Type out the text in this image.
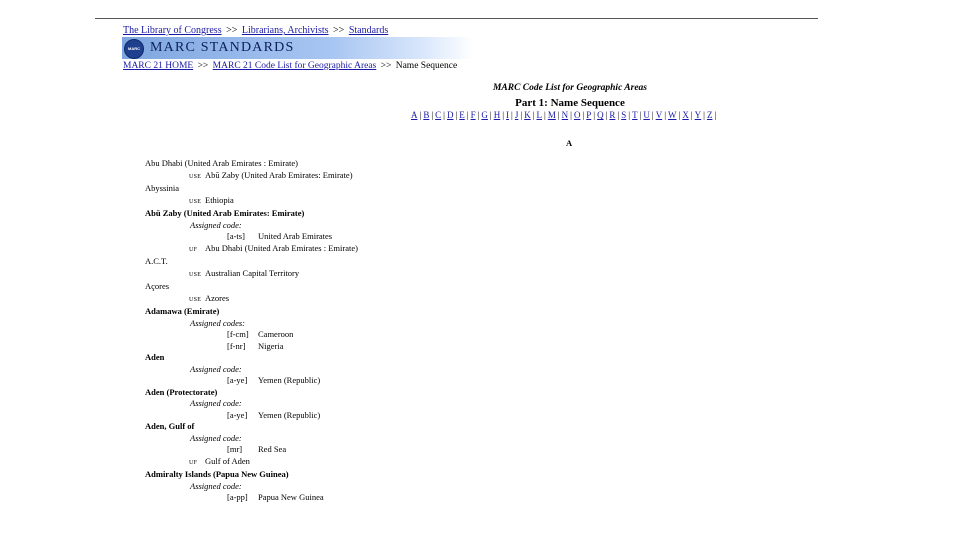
The Library of Congress >> Librarians, Archivists >> Standards
MARC MARC STANDARDS
MARC 21 HOME >> MARC 21 Code List for Geographic Areas >> Name Sequence
MARC Code List for Geographic Areas
Part 1: Name Sequence
A | B | C | D | E | F | G | H | I | J | K | L | M | N | O | P | Q | R | S | T | U | V | W | X | Y | Z |
A
Abu Dhabi (United Arab Emirates : Emirate)
USE Abū Zaby (United Arab Emirates: Emirate)
Abyssinia
USE Ethiopia
Abū Zaby (United Arab Emirates: Emirate)
Assigned code:
[a-ts] United Arab Emirates
UF Abu Dhabi (United Arab Emirates : Emirate)
A.C.T.
USE Australian Capital Territory
Açores
USE Azores
Adamawa (Emirate)
Assigned codes:
[f-cm] Cameroon
[f-nr] Nigeria
Aden
Assigned code:
[a-ye] Yemen (Republic)
Aden (Protectorate)
Assigned code:
[a-ye] Yemen (Republic)
Aden, Gulf of
Assigned code:
[mr] Red Sea
UF Gulf of Aden
Admiralty Islands (Papua New Guinea)
Assigned code:
[a-pp] Papua New Guinea
